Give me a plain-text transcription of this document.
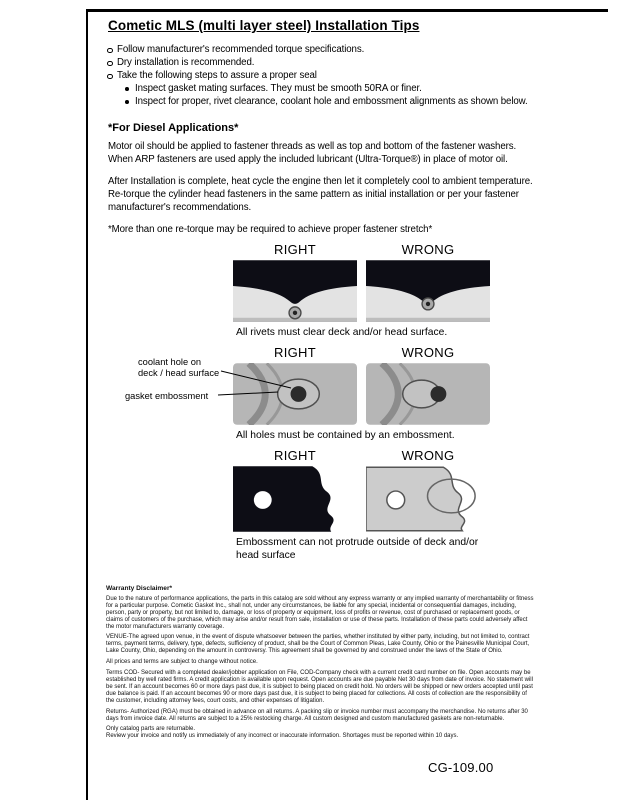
Cometic MLS (multi layer steel) Installation Tips
Follow manufacturer's recommended torque specifications.
Dry installation is recommended.
Take the following steps to assure a proper seal
Inspect gasket mating surfaces. They must be smooth 50RA or finer.
Inspect for proper, rivet clearance, coolant hole and embossment alignments as shown below.
*For Diesel Applications*

Motor oil should be applied to fastener threads as well as top and bottom of the fastener washers. When ARP fasteners are used apply the included lubricant (Ultra-Torque®) in place of motor oil.

After Installation is complete, heat cycle the engine then let it completely cool to ambient temperature. Re-torque the cylinder head fasteners in the same pattern as initial installation or per your fastener manufacturer's recommendations.

*More than one re-torque may be required to achieve proper fastener stretch*

RIGHT	WRONG
All rivets must clear deck and/or head surface.
coolant hole on deck / head surface
gasket embossment
RIGHT	WRONG
All holes must be contained by an embossment.
RIGHT	WRONG
Embossment can not protrude outside of deck and/or head surface

Warranty Disclaimer*

Due to the nature of performance applications, the parts in this catalog are sold without any express warranty or any implied warranty of merchantability or fitness for a particular purpose. Cometic Gasket Inc., shall not, under any circumstances, be liable for any special, incidental or consequential damages, including, person, party or property, but not limited to, damage, or loss of property or equipment, loss of profits or revenue, cost of purchased or replacement goods, or claims of customers of the purchase, which may arise and/or result from sale, installation or use of these parts. Installation of these parts could adversely affect the motor manufacturers warranty coverage.

VENUE-The agreed upon venue, in the event of dispute whatsoever between the parties, whether instituted by either party, including, but not limited to, contract terms, payment terms, delivery, type, defects, sufficiency of product, shall be the Court of Common Pleas, Lake County, Ohio or the Painesville Municipal Court, Lake County, Ohio, depending on the amount in controversy. This agreement shall be governed by and construed under the laws of the State of Ohio.

All prices and terms are subject to change without notice.

Terms COD- Secured with a completed dealer/jobber application on File, COD-Company check with a current credit card number on file. Open accounts may be established by well rated firms. A credit application is available upon request. Open accounts are due payable Net 30 days from date of invoice. No statement will be sent. If an account becomes 60 or more days past due, it is subject to being placed on credit hold. No orders will be shipped or new orders accepted until past due balance is paid. If an account becomes 90 or more days past due, it is subject to being placed for collections. All costs of collection are the responsibility of the customer, including attorney fees, court costs, and other expenses of litigation.

Returns- Authorized (RGA) must be obtained in advance on all returns. A packing slip or invoice number must accompany the merchandise. No returns after 30 days from invoice date. All returns are subject to a 25% restocking charge. All custom designed and custom manufactured gaskets are non-returnable.

Only catalog parts are returnable.

Review your invoice and notify us immediately of any incorrect or inaccurate information. Shortages must be reported within 10 days.

CG-109.00
